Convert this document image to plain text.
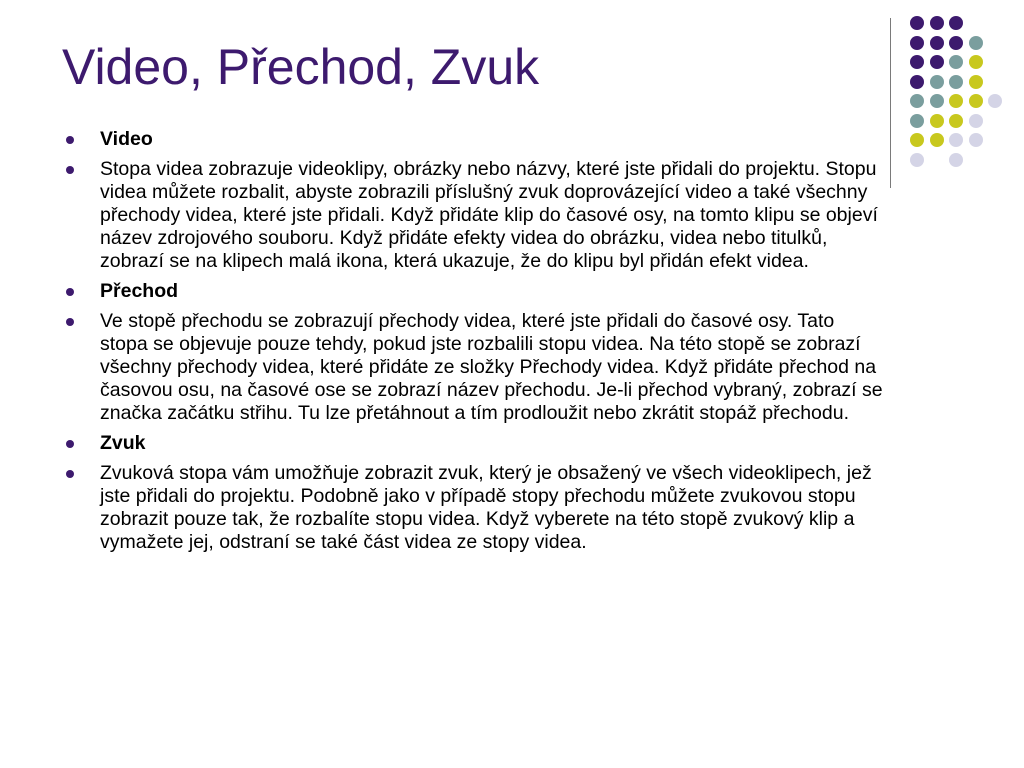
Video, Přechod, Zvuk
Video
Stopa videa zobrazuje videoklipy, obrázky nebo názvy, které jste přidali do projektu. Stopu videa můžete rozbalit, abyste zobrazili příslušný zvuk doprovázející video a také všechny přechody videa, které jste přidali. Když přidáte klip do časové osy, na tomto klipu se objeví název zdrojového souboru. Když přidáte efekty videa do obrázku, videa nebo titulků, zobrazí se na klipech malá ikona, která ukazuje, že do klipu byl přidán efekt videa.
Přechod
Ve stopě přechodu se zobrazují přechody videa, které jste přidali do časové osy. Tato stopa se objevuje pouze tehdy, pokud jste rozbalili stopu videa. Na této stopě se zobrazí všechny přechody videa, které přidáte ze složky Přechody videa. Když přidáte přechod na časovou osu, na časové ose se zobrazí název přechodu. Je-li přechod vybraný, zobrazí se značka začátku střihu. Tu lze přetáhnout a tím prodloužit nebo zkrátit stopáž přechodu.
Zvuk
Zvuková stopa vám umožňuje zobrazit zvuk, který je obsažený ve všech videoklipech, jež jste přidali do projektu. Podobně jako v případě stopy přechodu můžete zvukovou stopu zobrazit pouze tak, že rozbalíte stopu videa. Když vyberete na této stopě zvukový klip a vymažete jej, odstraní se také část videa ze stopy videa.
